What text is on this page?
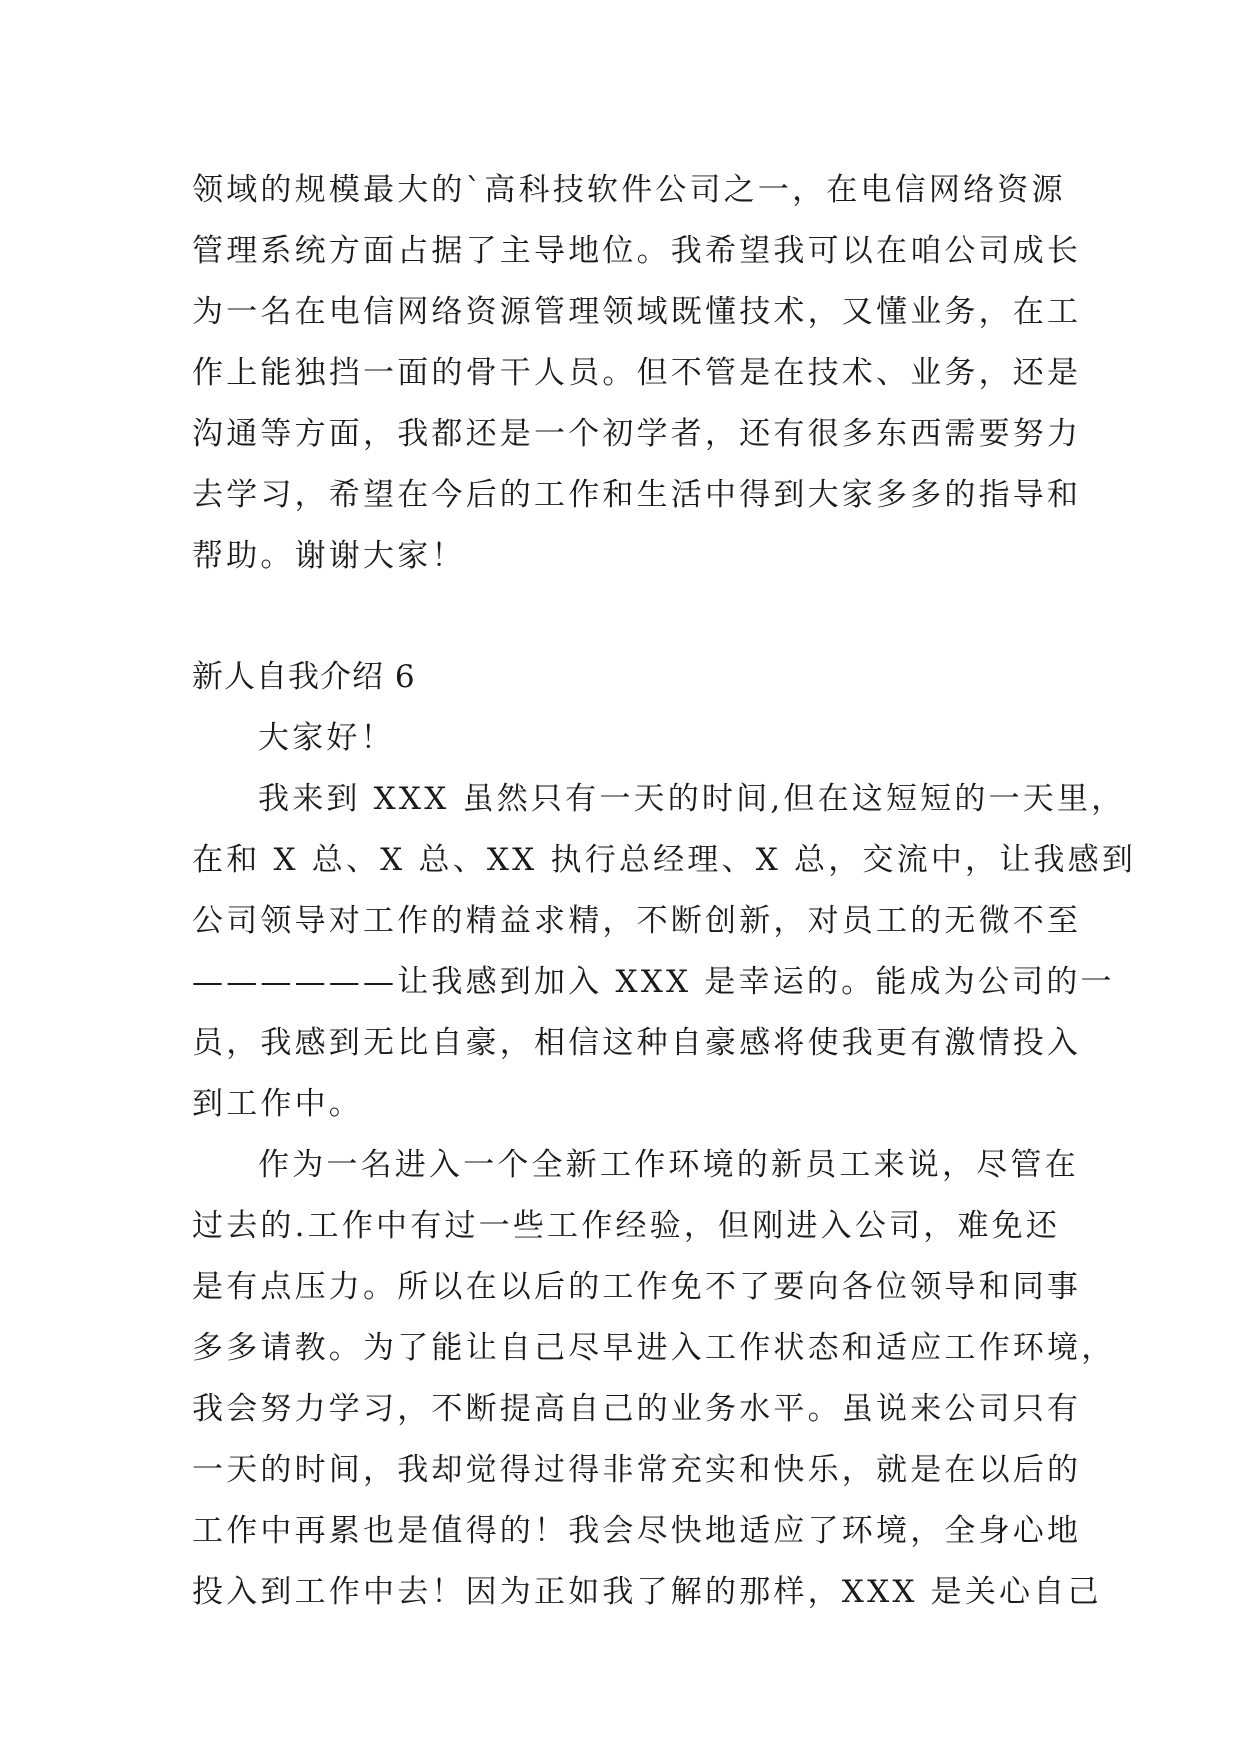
领域的规模最大的`高科技软件公司之一，在电信网络资源
管理系统方面占据了主导地位。我希望我可以在咱公司成长
为一名在电信网络资源管理领域既懂技术，又懂业务，在工
作上能独挡一面的骨干人员。但不管是在技术、业务，还是
沟通等方面，我都还是一个初学者，还有很多东西需要努力
去学习，希望在今后的工作和生活中得到大家多多的指导和
帮助。谢谢大家！
新人自我介绍 6
大家好！
我来到 XXX 虽然只有一天的时间,但在这短短的一天里，
在和 X 总、X 总、XX 执行总经理、X 总，交流中，让我感到
公司领导对工作的精益求精，不断创新，对员工的无微不至
——————让我感到加入 XXX 是幸运的。能成为公司的一
员，我感到无比自豪，相信这种自豪感将使我更有激情投入
到工作中。
作为一名进入一个全新工作环境的新员工来说，尽管在
过去的.工作中有过一些工作经验，但刚进入公司，难免还
是有点压力。所以在以后的工作免不了要向各位领导和同事
多多请教。为了能让自己尽早进入工作状态和适应工作环境，
我会努力学习，不断提高自己的业务水平。虽说来公司只有
一天的时间，我却觉得过得非常充实和快乐，就是在以后的
工作中再累也是值得的！我会尽快地适应了环境，全身心地
投入到工作中去！因为正如我了解的那样，XXX 是关心自己
